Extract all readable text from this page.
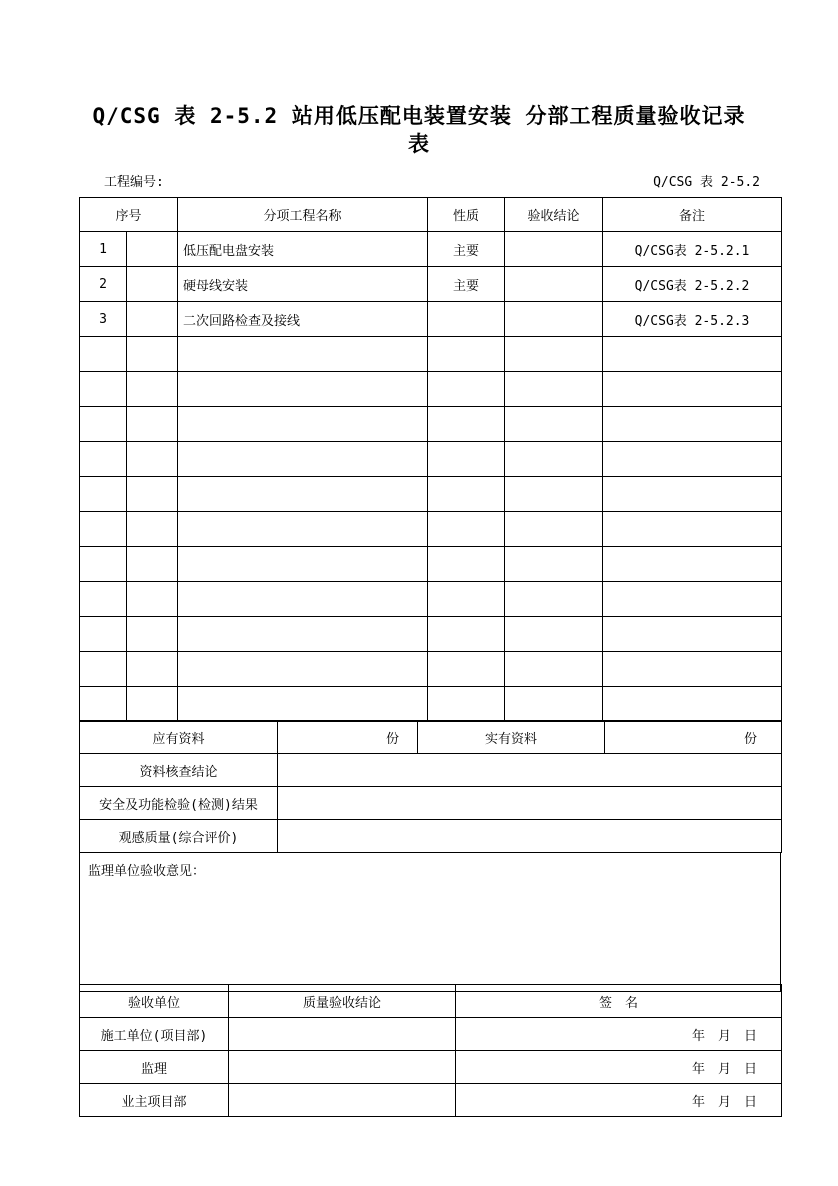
Q/CSG 表 2-5.2 站用低压配电装置安装 分部工程质量验收记录
表
工程编号:	Q/CSG 表 2-5.2
序号		分项工程名称	性质	验收结论	备注
1		低压配电盘安装	主要		Q/CSG表 2-5.2.1
2		硬母线安装	主要		Q/CSG表 2-5.2.2
3		二次回路检查及接线			Q/CSG表 2-5.2.3

应有资料	份	实有资料	份
资料核查结论			
安全及功能检验(检测)结果			
观感质量(综合评价)			
监理单位验收意见：
验收单位	质量验收结论	签　名
施工单位(项目部)		年　月　日
监理		年　月　日
业主项目部		年　月　日
